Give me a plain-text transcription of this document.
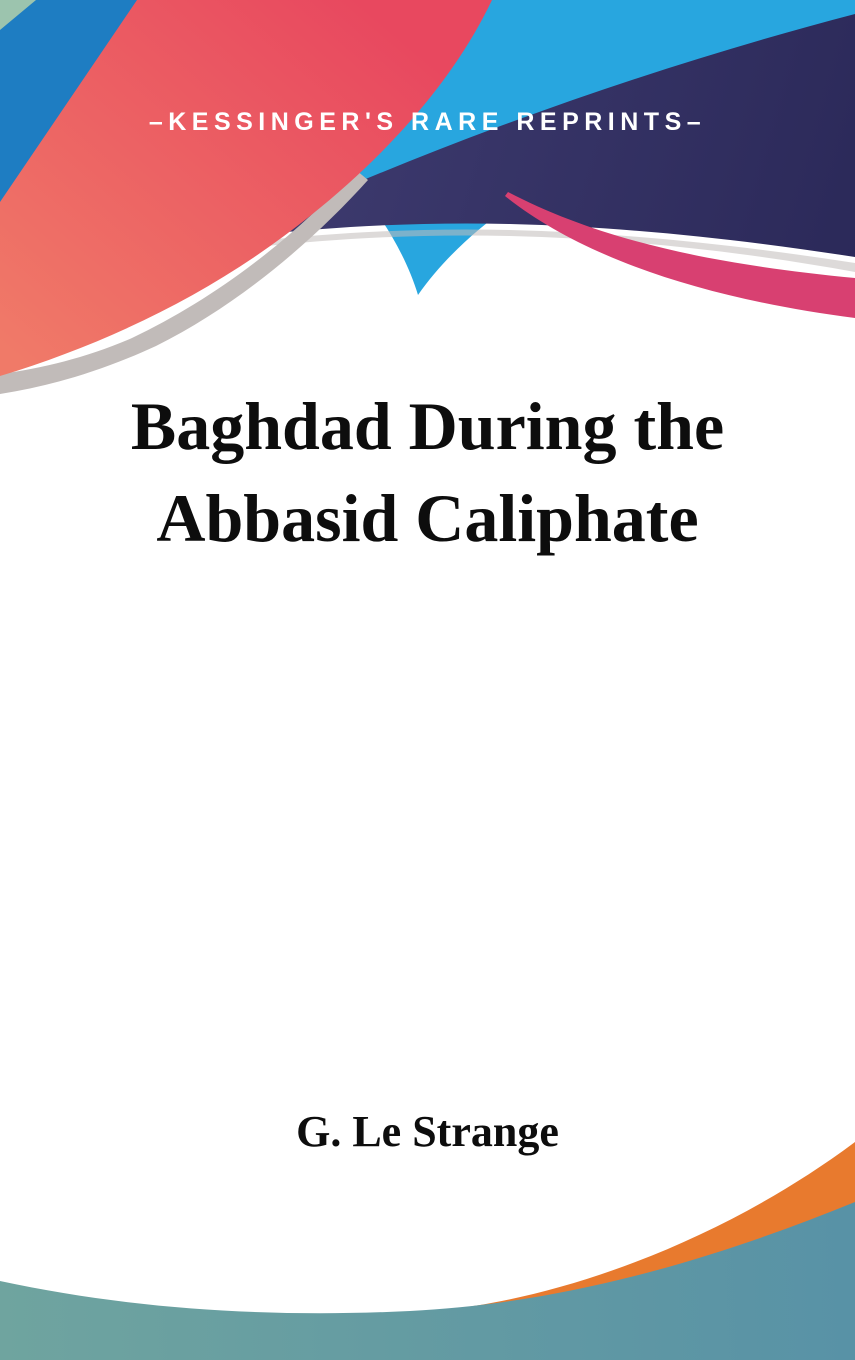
–KESSINGER'S RARE REPRINTS–
Baghdad During the
Abbasid Caliphate
G. Le Strange
